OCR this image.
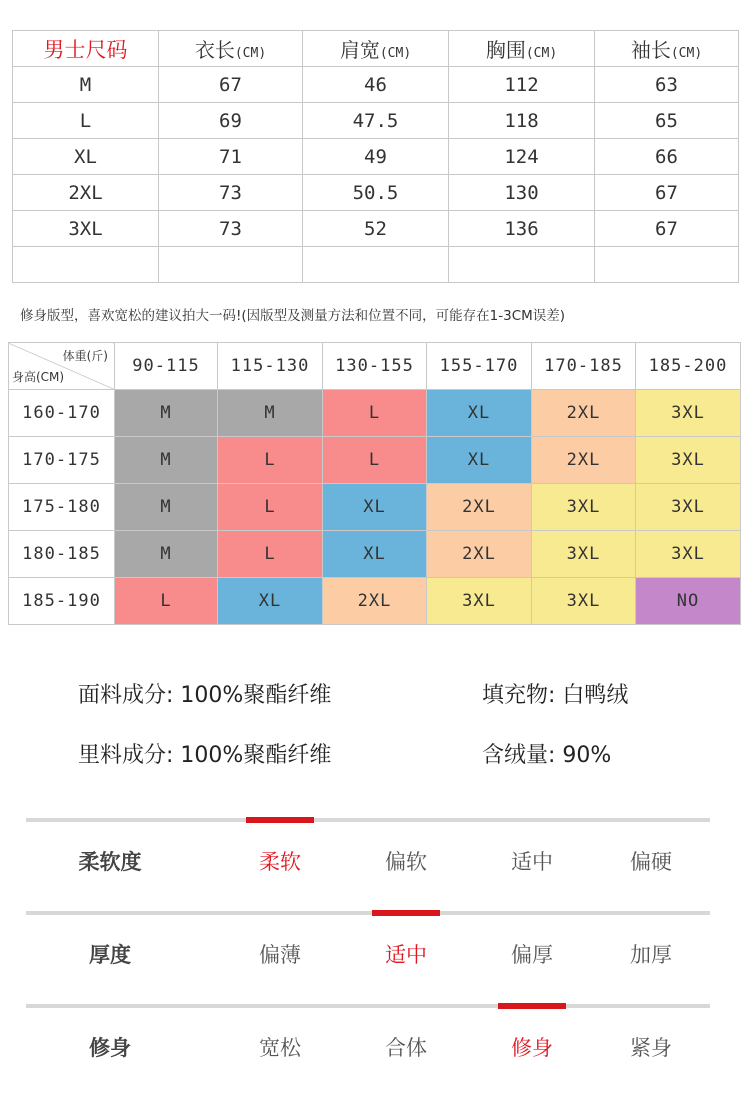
男士尺码	衣长(CM)	肩宽(CM)	胸围(CM)	袖长(CM)
M	67	46	112	63
L	69	47.5	118	65
XL	71	49	124	66
2XL	73	50.5	130	67
3XL	73	52	136	67

修身版型，喜欢宽松的建议拍大一码!(因版型及测量方法和位置不同，可能存在1-3CM误差)
体重(斤)
身高(CM)	90-115	115-130	130-155	155-170	170-185	185-200
160-170	M	M	L	XL	2XL	3XL
170-175	M	L	L	XL	2XL	3XL
175-180	M	L	XL	2XL	3XL	3XL
180-185	M	L	XL	2XL	3XL	3XL
185-190	L	XL	2XL	3XL	3XL	NO
面料成分: 100%聚酯纤维	填充物: 白鸭绒
里料成分: 100%聚酯纤维	含绒量: 90%
柔软度	柔软	偏软	适中	偏硬
厚度	偏薄	适中	偏厚	加厚
修身	宽松	合体	修身	紧身
